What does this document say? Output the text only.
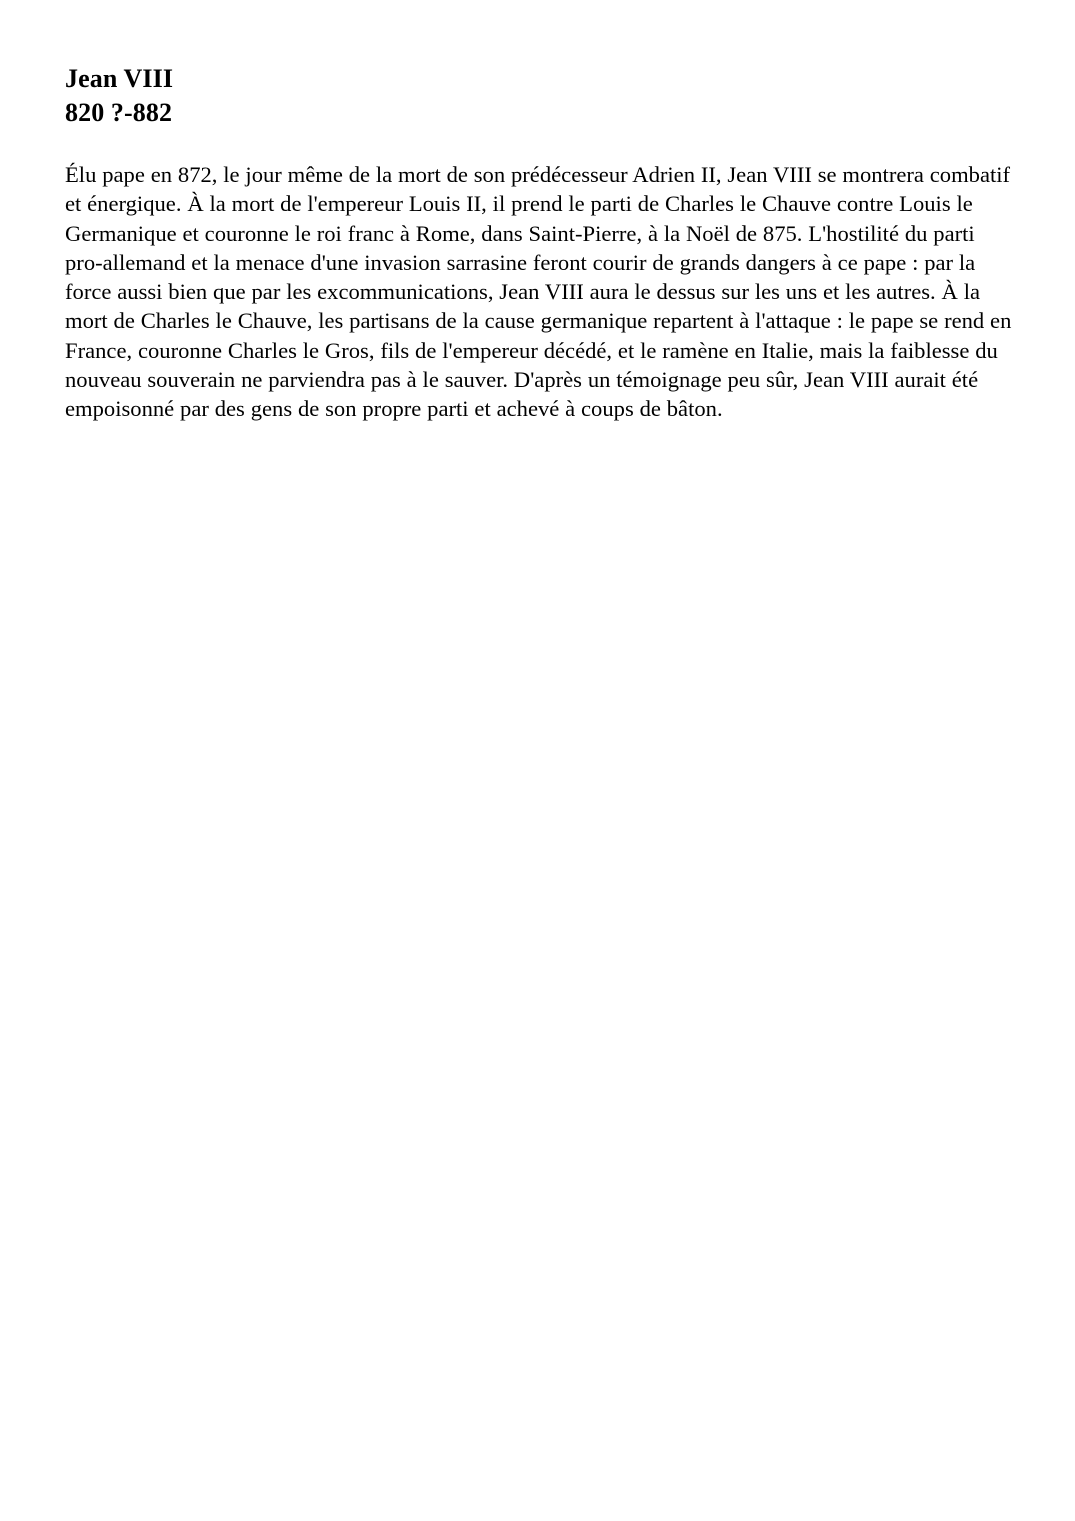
Jean VIII
820 ?-882

Élu pape en 872, le jour même de la mort de son prédécesseur Adrien II, Jean VIII se montrera combatif et énergique. À la mort de l'empereur Louis II, il prend le parti de Charles le Chauve contre Louis le Germanique et couronne le roi franc à Rome, dans Saint-Pierre, à la Noël de 875. L'hostilité du parti pro-allemand et la menace d'une invasion sarrasine feront courir de grands dangers à ce pape : par la force aussi bien que par les excommunications, Jean VIII aura le dessus sur les uns et les autres. À la mort de Charles le Chauve, les partisans de la cause germanique repartent à l'attaque : le pape se rend en France, couronne Charles le Gros, fils de l'empereur décédé, et le ramène en Italie, mais la faiblesse du nouveau souverain ne parviendra pas à le sauver. D'après un témoignage peu sûr, Jean VIII aurait été empoisonné par des gens de son propre parti et achevé à coups de bâton.
